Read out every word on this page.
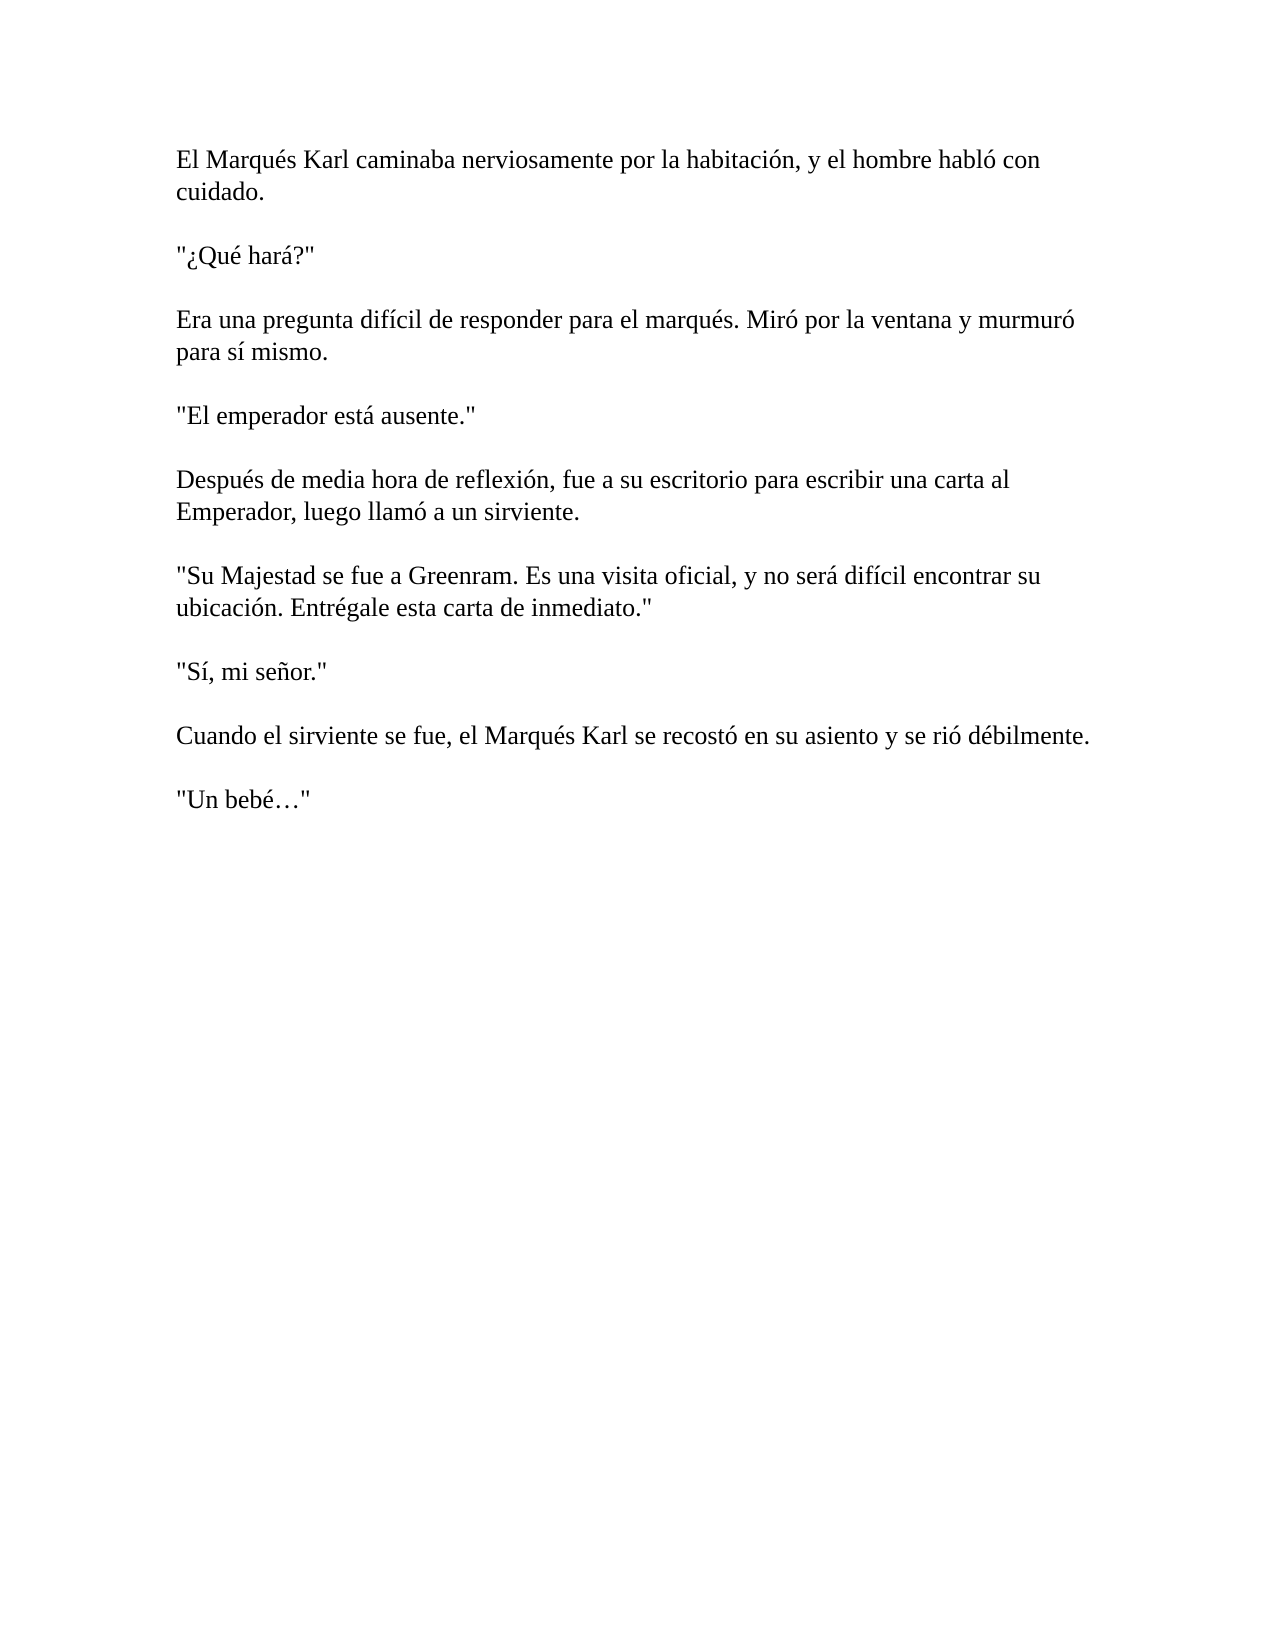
El Marqués Karl caminaba nerviosamente por la habitación, y el hombre habló con cuidado.

"¿Qué hará?"

Era una pregunta difícil de responder para el marqués. Miró por la ventana y murmuró para sí mismo.

"El emperador está ausente."

Después de media hora de reflexión, fue a su escritorio para escribir una carta al Emperador, luego llamó a un sirviente.

"Su Majestad se fue a Greenram. Es una visita oficial, y no será difícil encontrar su ubicación. Entrégale esta carta de inmediato."

"Sí, mi señor."

Cuando el sirviente se fue, el Marqués Karl se recostó en su asiento y se rió débilmente.

"Un bebé…"
